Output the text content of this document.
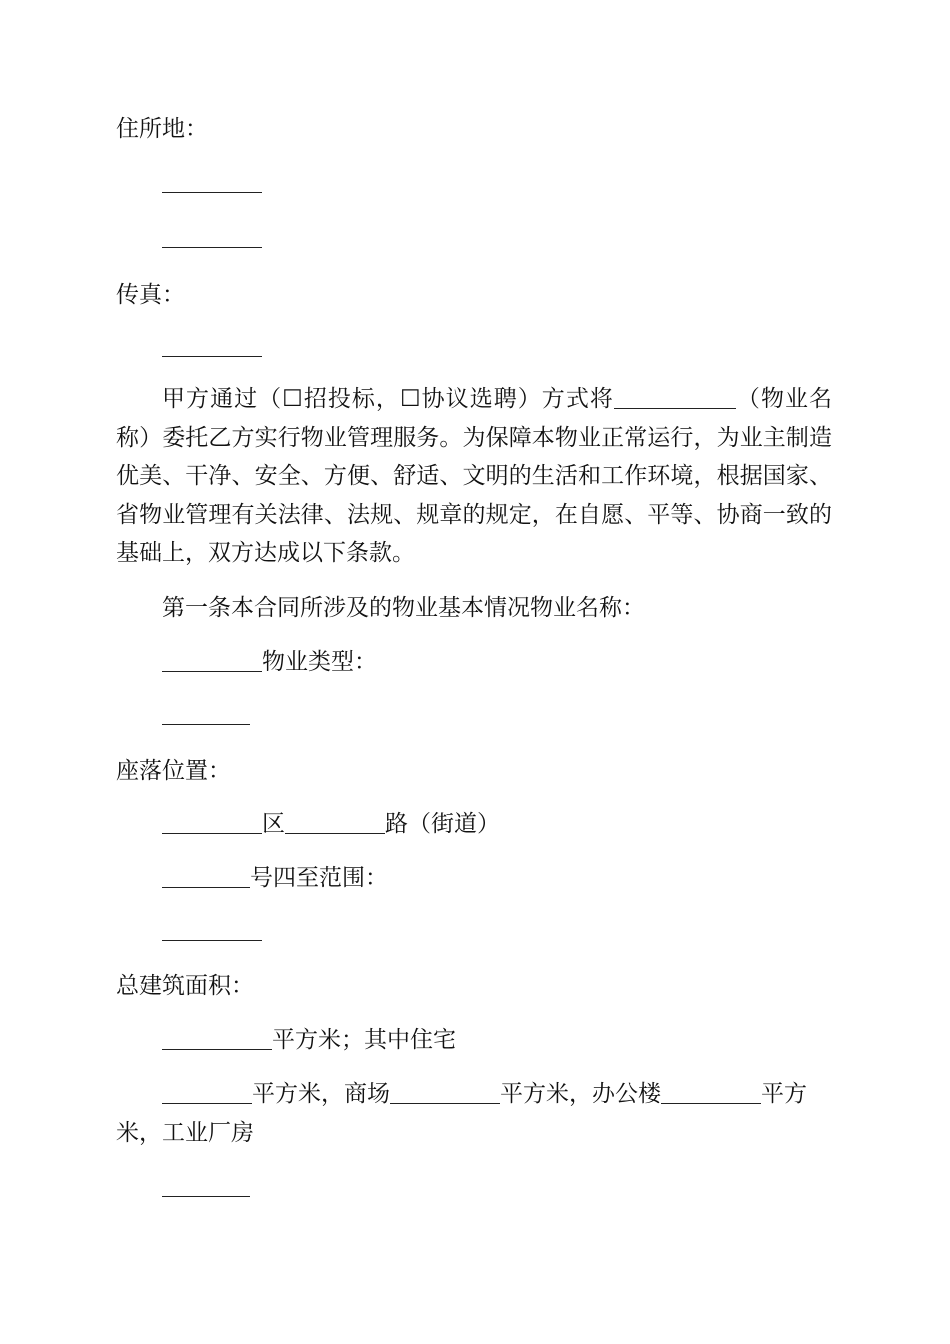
住所地：
传真：
甲方通过（☐招投标，☐协议选聘）方式将	（物业名称）委托乙方实行物业管理服务。为保障本物业正常运行，为业主制造优美、干净、安全、方便、舒适、文明的生活和工作环境，根据国家、省物业管理有关法律、法规、规章的规定，在自愿、平等、协商一致的基础上，双方达成以下条款。
第一条本合同所涉及的物业基本情况物业名称：
物业类型：
座落位置：
区	路（街道）
号四至范围：
总建筑面积：
平方米；其中住宅
平方米，商场	平方米，办公楼	平方
米，工业厂房
